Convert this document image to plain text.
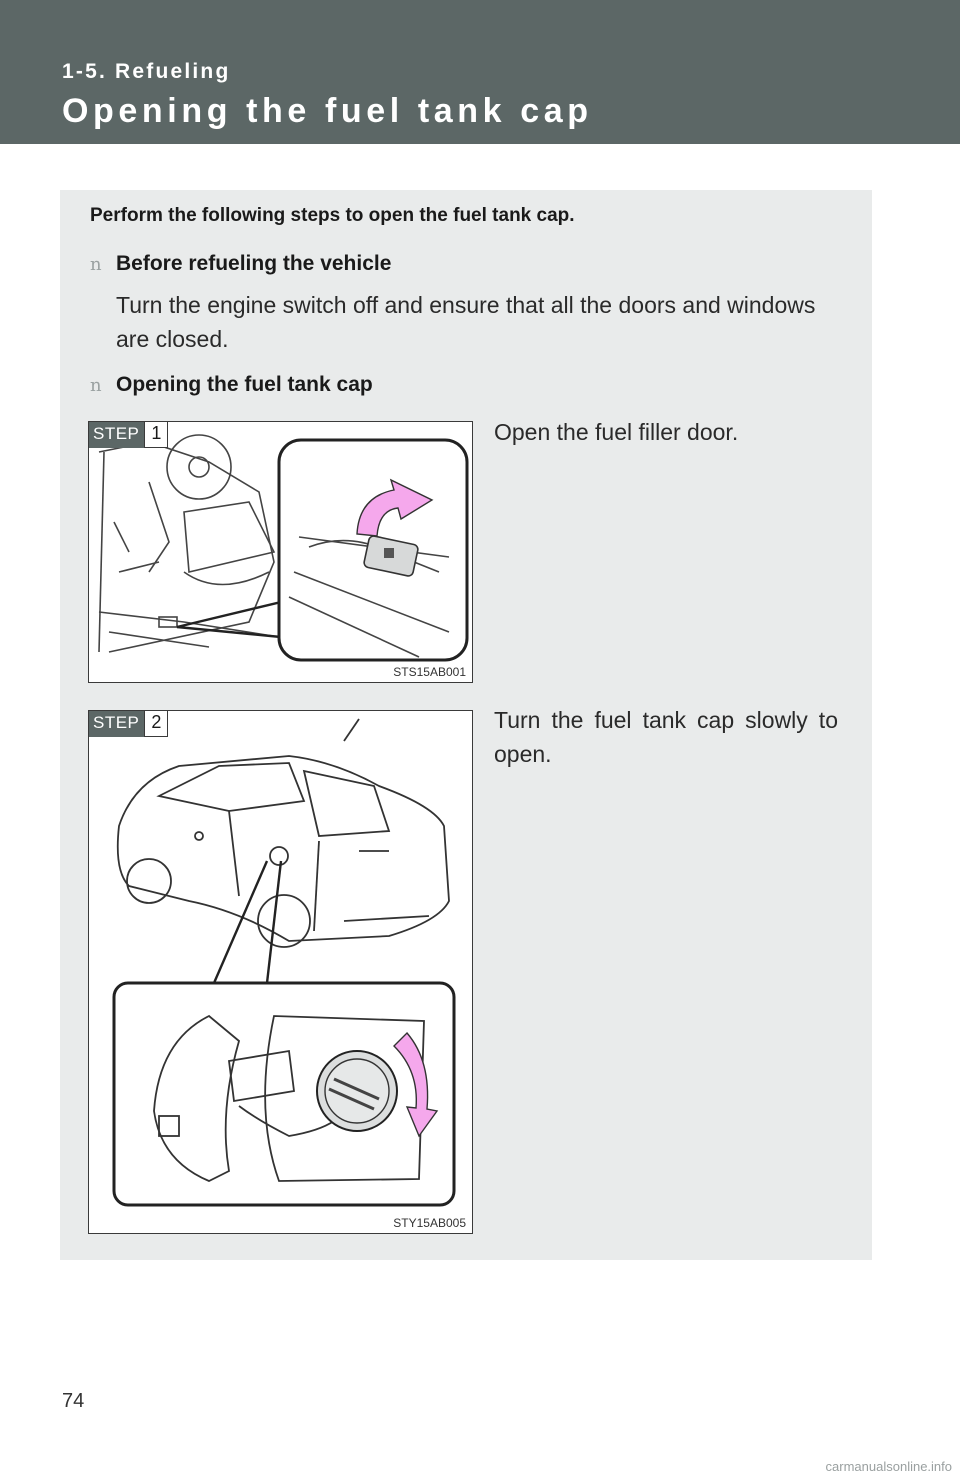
1-5. Refueling
Opening the fuel tank cap
Perform the following steps to open the fuel tank cap.
n Before refueling the vehicle
Turn the engine switch off and ensure that all the doors and windows are closed.
n Opening the fuel tank cap
STEP 1
STS15AB001
Open the fuel filler door.
STEP 2
STY15AB005
Turn the fuel tank cap slowly to open.
74
carmanualsonline.info
